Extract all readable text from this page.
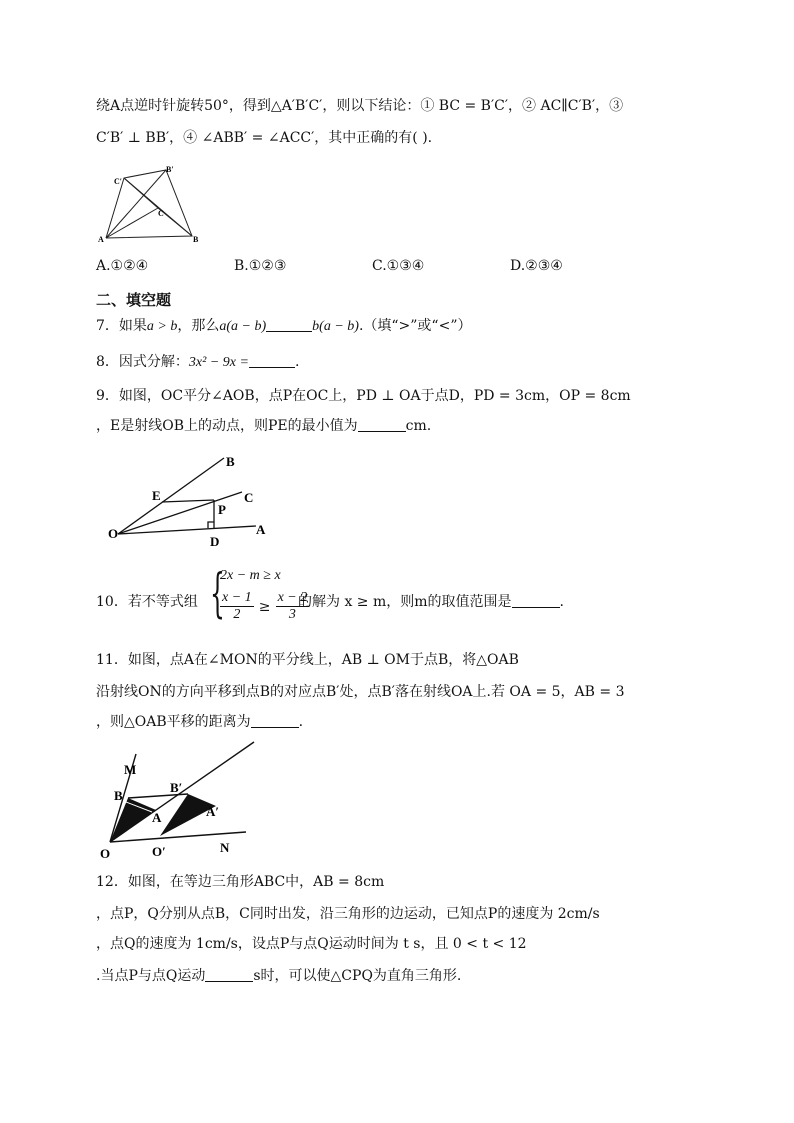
绕A点逆时针旋转50°，得到△A′B′C′，则以下结论：① BC = B′C′，② AC∥C′B′，③
C′B′ ⊥ BB′，④ ∠ABB′ = ∠ACC′，其中正确的有( ).
C′
B′
C
A	B
A.①②④	B.①②③	C.①③④	D.②③④
二、填空题
7．如果a > b，那么a(a − b)	b(a − b).（填“>”或“<”）
8．因式分解：3x² − 9x =	.
9．如图，OC平分∠AOB，点P在OC上，PD ⊥ OA于点D，PD = 3cm，OP = 8cm
，E是射线OB上的动点，则PE的最小值为	cm.
B
C
E
P
O
D
A
10．若不等式组 {
2x − m ≥ x
$\frac{x - 1}{2} \ge \frac{x - 2}{3}$
的解为 x ≥ m，则m的取值范围是	.
11．如图，点A在∠MON的平分线上，AB ⊥ OM于点B，将△OAB
沿射线ON的方向平移到点B的对应点B′处，点B′落在射线OA上.若 OA = 5，AB = 3
，则△OAB平移的距离为	.
M
B
B′
A	A′
O	O′	N
12．如图，在等边三角形ABC中，AB = 8cm
，点P，Q分别从点B，C同时出发，沿三角形的边运动，已知点P的速度为 2cm/s
，点Q的速度为 1cm/s，设点P与点Q运动时间为 t s，且 0 < t < 12
.当点P与点Q运动	s时，可以使△CPQ为直角三角形.
